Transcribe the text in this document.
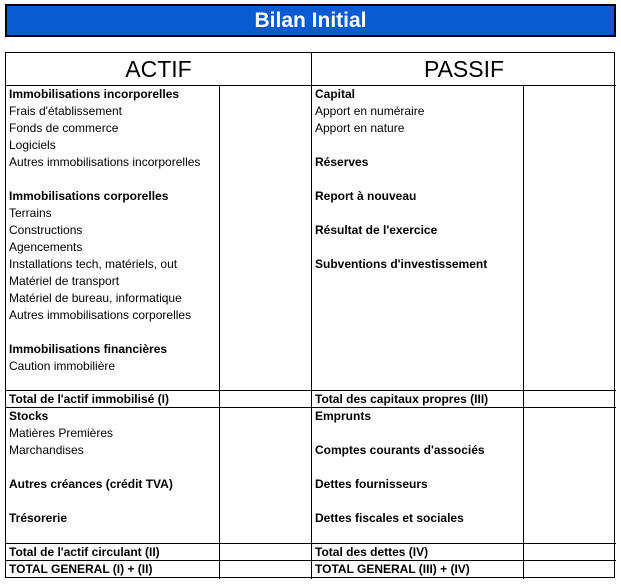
Bilan Initial
ACTIF	PASSIF
Immobilisations incorporelles
Frais d'établissement
Fonds de commerce
Logiciels
Autres immobilisations incorporelles
Immobilisations corporelles
Terrains
Constructions
Agencements
Installations tech, matériels, out
Matériel de transport
Matériel de bureau, informatique
Autres immobilisations corporelles
Immobilisations financières
Caution immobilière
Total de l'actif immobilisé (I)
Stocks
Matières Premières
Marchandises
Autres créances (crédit TVA)
Trésorerie
Total de l'actif circulant (II)
TOTAL GENERAL (I) + (II)
Capital
Apport en numéraire
Apport en nature
Réserves
Report à nouveau
Résultat de l'exercice
Subventions d'investissement
Total des capitaux propres (III)
Emprunts
Comptes courants d'associés
Dettes fournisseurs
Dettes fiscales et sociales
Total des dettes (IV)
TOTAL GENERAL (III) + (IV)
